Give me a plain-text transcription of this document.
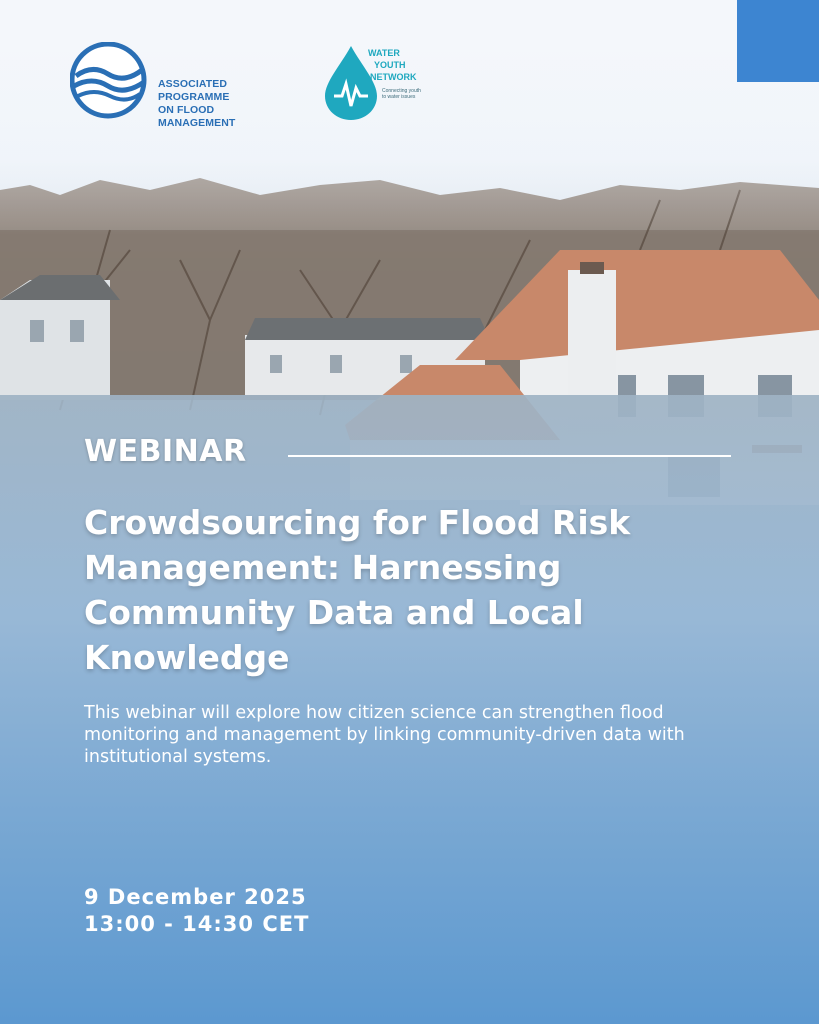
ASSOCIATED PROGRAMME
ON FLOOD MANAGEMENT
WATER
YOUTH
NETWORK
Connecting youth to water issues
WEBINAR
Crowdsourcing for Flood Risk Management: Harnessing Community Data and Local Knowledge
This webinar will explore how citizen science can strengthen flood monitoring and management by linking community-driven data with institutional systems.
9 December 2025
13:00 - 14:30 CET
